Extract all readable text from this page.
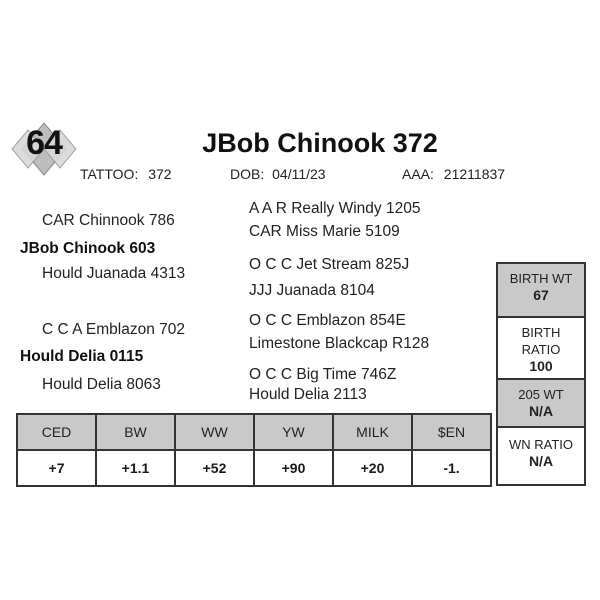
64	JBob Chinook 372
TATTOO: 372	DOB: 04/11/23	AAA: 21211837
CAR Chinnook 786
JBob Chinook 603
Hould Juanada 4313
C C A Emblazon 702
Hould Delia 0115
Hould Delia 8063
A A R Really Windy 1205
CAR Miss Marie 5109
O C C Jet Stream 825J
JJJ Juanada 8104
O C C Emblazon 854E
Limestone Blackcap R128
O C C Big Time 746Z
Hould Delia 2113
CED	BW	WW	YW	MILK	$EN
+7	+1.1	+52	+90	+20	-1.
BIRTH WT
67
BIRTH
RATIO
100
205 WT
N/A
WN RATIO
N/A
